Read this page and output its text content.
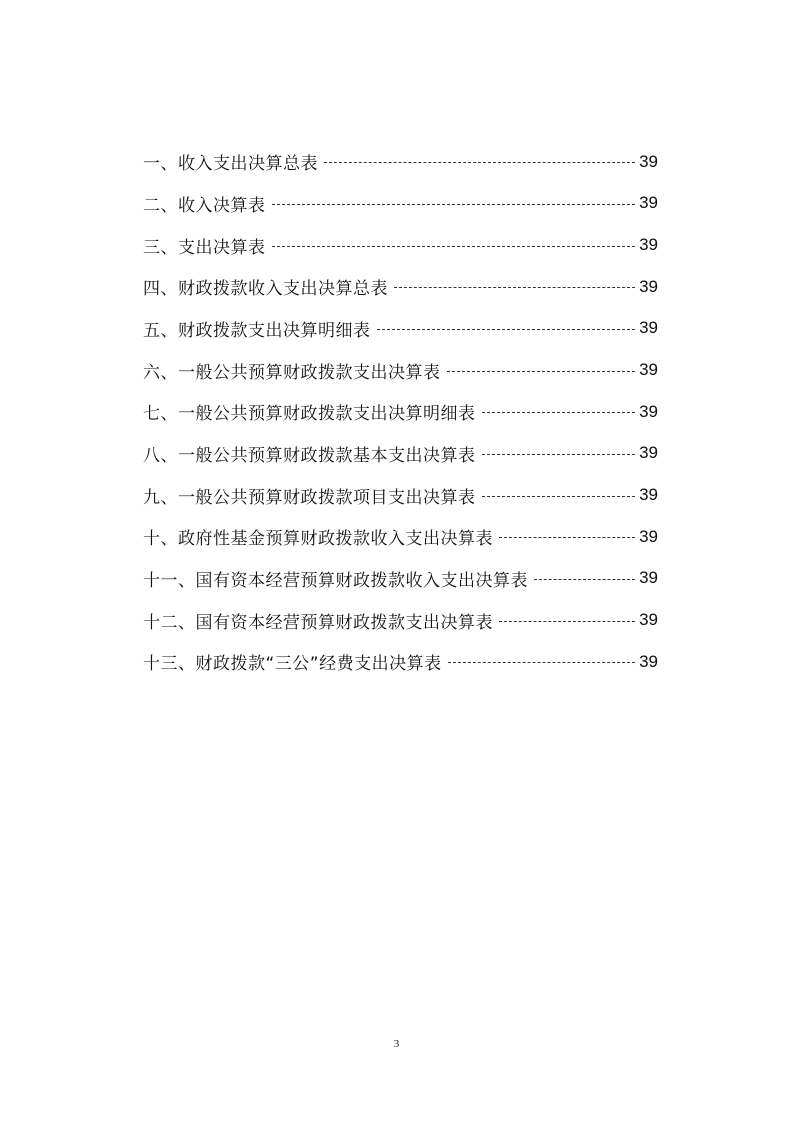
一、收入支出决算总表	39
二、收入决算表	39
三、支出决算表	39
四、财政拨款收入支出决算总表	39
五、财政拨款支出决算明细表	39
六、一般公共预算财政拨款支出决算表	39
七、一般公共预算财政拨款支出决算明细表	39
八、一般公共预算财政拨款基本支出决算表	39
九、一般公共预算财政拨款项目支出决算表	39
十、政府性基金预算财政拨款收入支出决算表	39
十一、国有资本经营预算财政拨款收入支出决算表	39
十二、国有资本经营预算财政拨款支出决算表	39
十三、财政拨款“三公”经费支出决算表	39
3
